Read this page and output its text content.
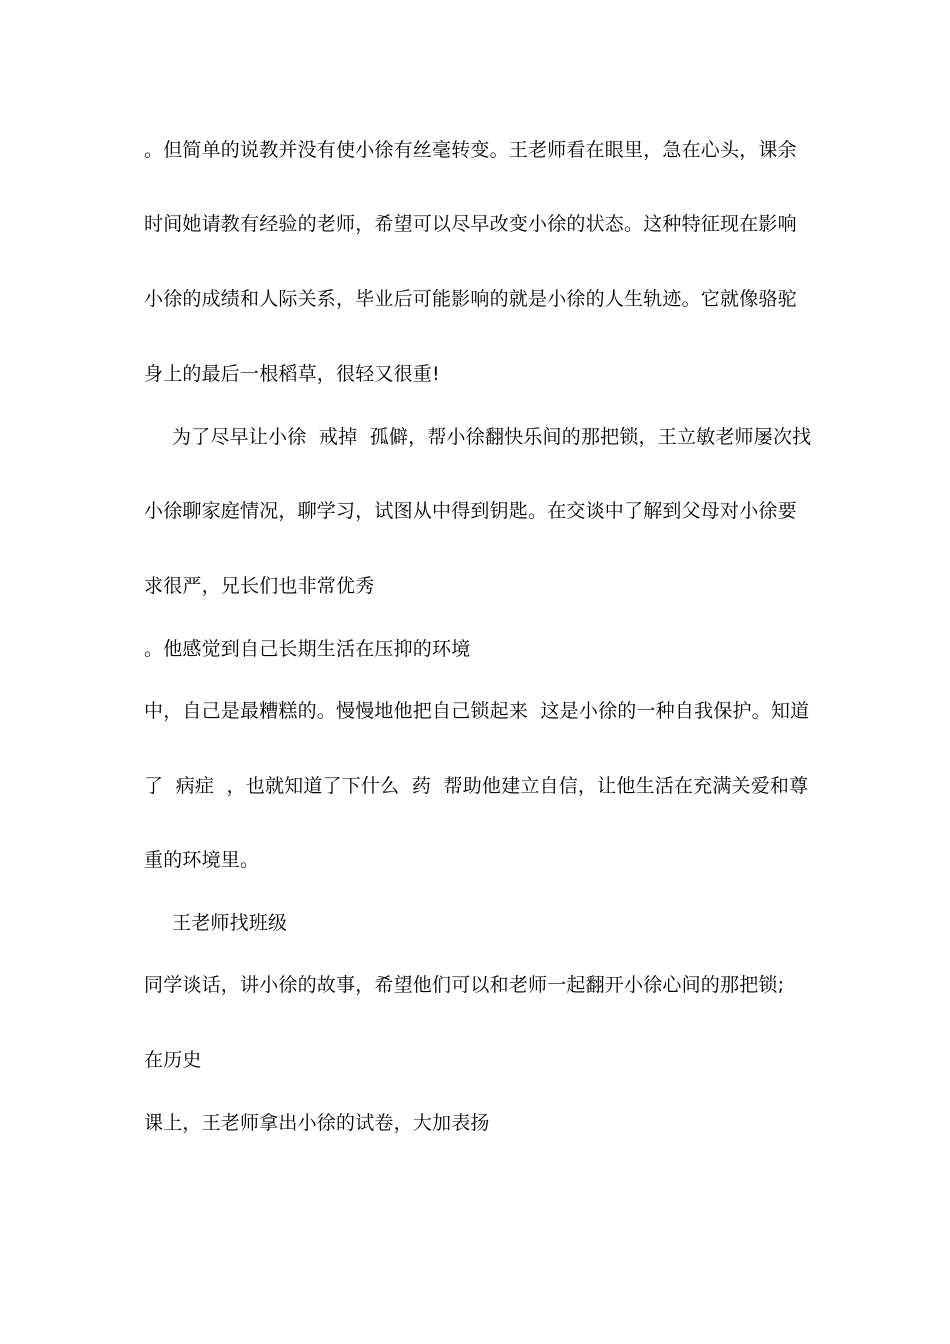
。但简单的说教并没有使小徐有丝毫转变。王老师看在眼里，急在心头，课余
时间她请教有经验的老师，希望可以尽早改变小徐的状态。这种特征现在影响
小徐的成绩和人际关系，毕业后可能影响的就是小徐的人生轨迹。它就像骆驼
身上的最后一根稻草，很轻又很重!
为了尽早让小徐  戒掉  孤僻，帮小徐翻快乐间的那把锁，王立敏老师屡次找
小徐聊家庭情况，聊学习，试图从中得到钥匙。在交谈中了解到父母对小徐要
求很严，兄长们也非常优秀
。他感觉到自己长期生活在压抑的环境
中，自己是最糟糕的。慢慢地他把自己锁起来  这是小徐的一种自我保护。知道
了  病症  ，也就知道了下什么  药  帮助他建立自信，让他生活在充满关爱和尊
重的环境里。
王老师找班级
同学谈话，讲小徐的故事，希望他们可以和老师一起翻开小徐心间的那把锁;
在历史
课上，王老师拿出小徐的试卷，大加表扬
